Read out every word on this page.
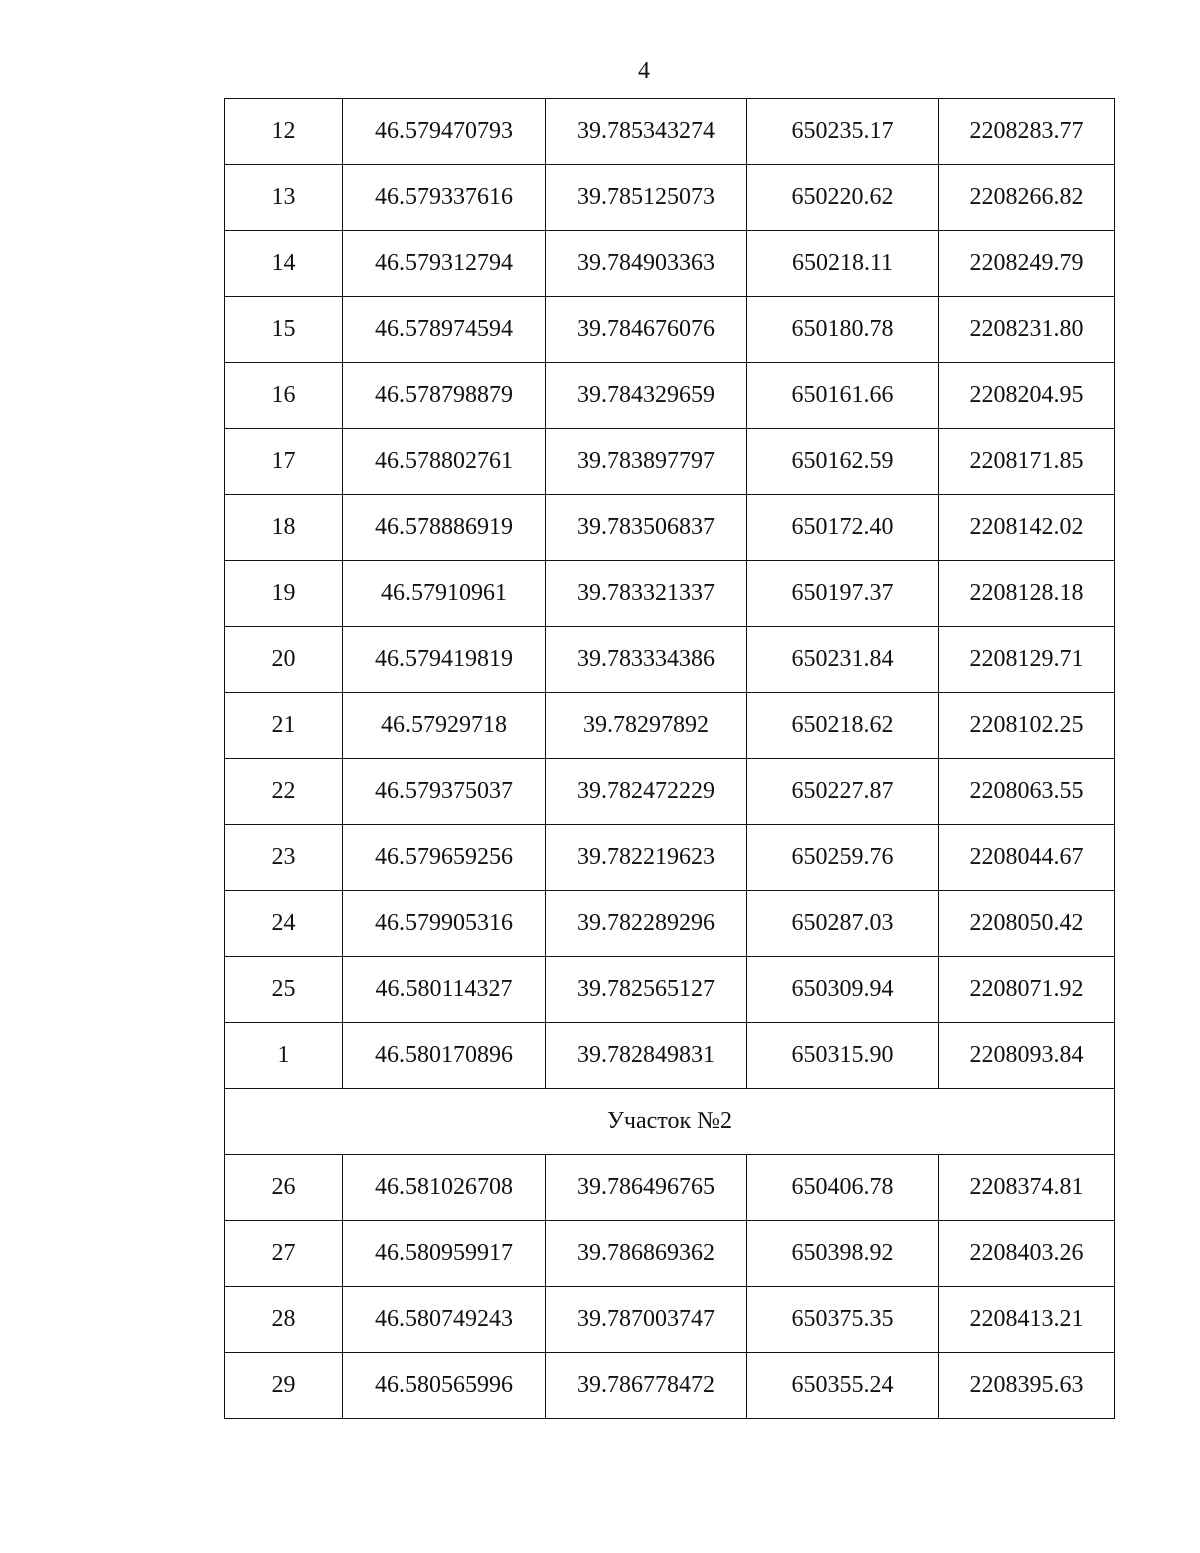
4
12	46.579470793	39.785343274	650235.17	2208283.77
13	46.579337616	39.785125073	650220.62	2208266.82
14	46.579312794	39.784903363	650218.11	2208249.79
15	46.578974594	39.784676076	650180.78	2208231.80
16	46.578798879	39.784329659	650161.66	2208204.95
17	46.578802761	39.783897797	650162.59	2208171.85
18	46.578886919	39.783506837	650172.40	2208142.02
19	46.57910961	39.783321337	650197.37	2208128.18
20	46.579419819	39.783334386	650231.84	2208129.71
21	46.57929718	39.78297892	650218.62	2208102.25
22	46.579375037	39.782472229	650227.87	2208063.55
23	46.579659256	39.782219623	650259.76	2208044.67
24	46.579905316	39.782289296	650287.03	2208050.42
25	46.580114327	39.782565127	650309.94	2208071.92
1	46.580170896	39.782849831	650315.90	2208093.84
Участок №2				
26	46.581026708	39.786496765	650406.78	2208374.81
27	46.580959917	39.786869362	650398.92	2208403.26
28	46.580749243	39.787003747	650375.35	2208413.21
29	46.580565996	39.786778472	650355.24	2208395.63
